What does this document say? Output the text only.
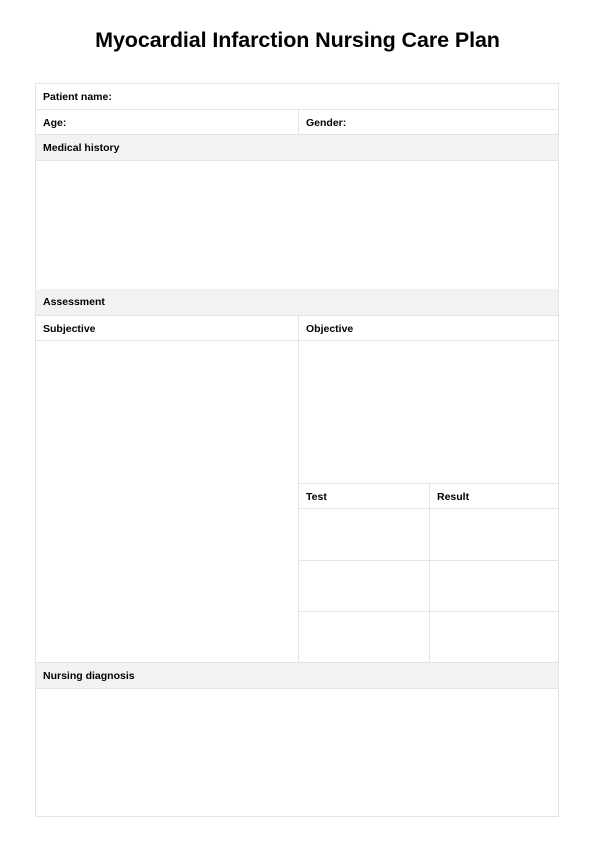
Myocardial Infarction Nursing Care Plan
Patient name:
Age:	Gender:
Medical history
Assessment
Subjective	Objective
Test	Result
Nursing diagnosis
